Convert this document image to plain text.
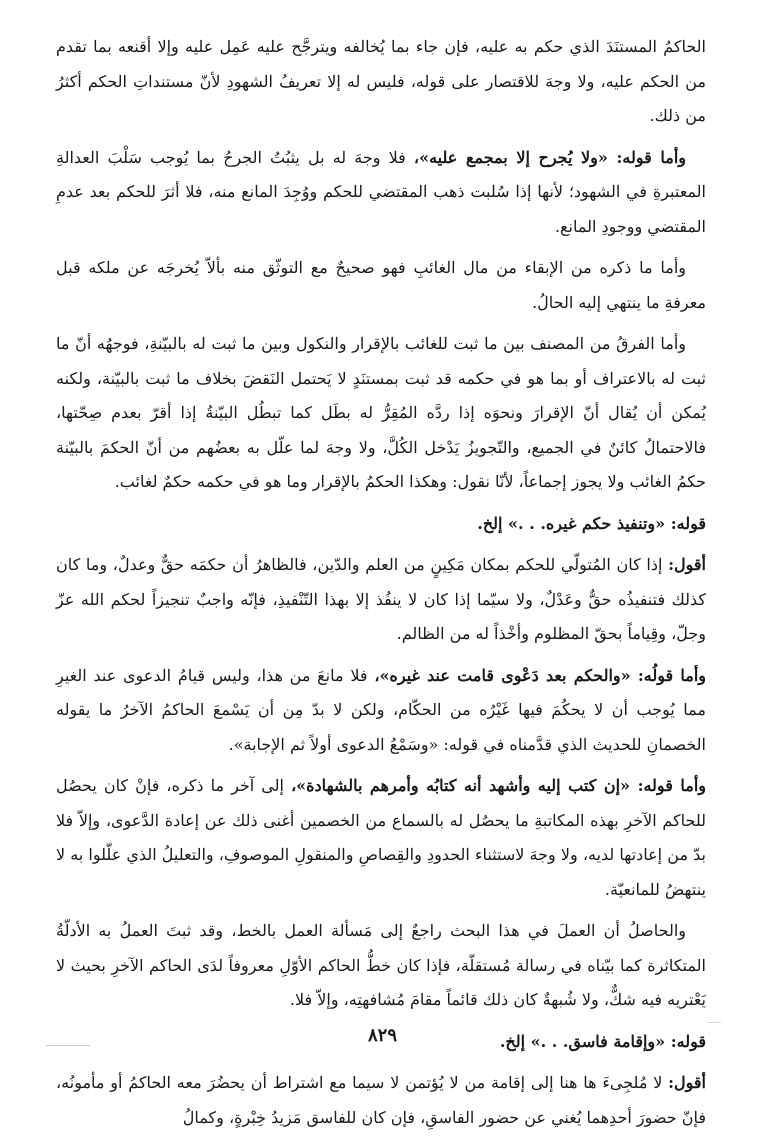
الحاكمُ المستنَدَ الذي حكم به عليه، فإن جاء بما يُخالفه ويترجَّح عليه عَمِل عليه وإلا أقنعه بما تقدم من الحكم عليه، ولا وجهَ للاقتصار على قوله، فليس له إلا تعريفُ الشهودِ لأنّ مستنداتِ الحكم أكثرُ من ذلك.

وأما قوله: «ولا يُجرح إلا بمجمع عليه»، فلا وجهَ له بل يثبُتُ الجرحُ بما يُوجب سَلْبَ العدالةِ المعتبرةِ في الشهود؛ لأنها إذا سُلبت ذهب المقتضي للحكم ووُجِدَ المانع منه، فلا أثرَ للحكم بعد عدمِ المقتضي ووجودِ المانع.

وأما ما ذكره من الإبقاء من مال الغائبِ فهو صحيحٌ مع التوثّق منه بألاّ يُخرجَه عن ملكه قبل معرفةِ ما ينتهي إليه الحالُ.

وأما الفرقُ من المصنف بين ما ثبت للغائب بالإقرار والنكول وبين ما ثبت له بالبيّنةِ، فوجهُه أنّ ما ثبت له بالاعتراف أو بما هو في حكمه قد ثبت بمستنَدٍ لا يَحتمل النَقضَ بخلاف ما ثبت بالبيّنة، ولكنه يُمكن أن يُقال أنّ الإقرارَ ونحوَه إذا ردَّه المُقِرُّ له بطَل كما تبطُل البيّنةُ إذا أقرّ بعدم صِحّتها، فالاحتمالُ كائنٌ في الجميع، والتّجويزُ يَدْخل الكُلَّ، ولا وجهَ لما علّل به بعضُهم من أنّ الحكمَ بالبيّنة حكمُ الغائب ولا يجوز إجماعاً، لأنّا نقول: وهكذا الحكمُ بالإقرار وما هو في حكمه حكمٌ لغائب.

قوله: «وتنفيذ حكم غيره. . .» إلخ.

أقول: إذا كان المُتولّي للحكم بمكان مَكِينٍ من العلم والدّين، فالظاهرُ أن حكمَه حقٌّ وعدلٌ، وما كان كذلك فتنفيذُه حقٌّ وعَدْلٌ، ولا سيّما إذا كان لا ينفُذ إلا بهذا التّنْفيذِ، فإنّه واجبٌ تنجيزاً لحكم الله عزّ وجلّ، وقِياماً بحقّ المظلوم وأخْذاً له من الظالم.

وأما قولُه: «والحكم بعد دَعْوى قامت عند غيره»، فلا مانعَ من هذا، وليس قيامُ الدعوى عند الغيرِ مما يُوجب أن لا يحكُمَ فيها غَيْرُه من الحكّام، ولكن لا بدّ مِن أن يَسْمعَ الحاكمُ الآخرُ ما يقوله الخصمانِ للحديث الذي قدَّمناه في قوله: «وسَمْعُ الدعوى أولاً ثم الإجابة».

وأما قوله: «إن كتب إليه وأشهد أنه كتابُه وأمرهم بالشهادة»، إلى آخر ما ذكره، فإنْ كان يحصُل للحاكم الآخرِ بهذه المكاتبةِ ما يحصُل له بالسماع من الخصمين أغنى ذلك عن إعادة الدَّعوى، وإلاّ فلا بدّ من إعادتها لديه، ولا وجهَ لاستثناء الحدودِ والقِصاصِ والمنقولِ الموصوفِ، والتعليلُ الذي علّلوا به لا ينتهضُ للمانعيّة.

والحاصلُ أن العملَ في هذا البحث راجعٌ إلى مَسألة العمل بالخط، وقد ثبتَ العملُ به الأدلّةُ المتكاثرة كما بيّناه في رسالة مُستقلّة، فإذا كان خطُّ الحاكم الأوّلِ معروفاً لدَى الحاكم الآخرِ بحيث لا يَعْتريه فيه شكٌّ، ولا شُبهةٌ كان ذلك قائماً مقامَ مُشافهتِه، وإلاّ فلا.

قوله: «وإقامة فاسق. . .» إلخ.

أقول: لا مُلجِىءَ ها هنا إلى إقامة من لا يُؤتمن لا سيما مع اشتراط أن يحضُرَ معه الحاكمُ أو مأمونُه، فإنّ حضورَ أحدِهما يُغني عن حضور الفاسقِ، فإن كان للفاسق مَزيدُ خِبْرةٍ، وكمالُ

٨٢٩
